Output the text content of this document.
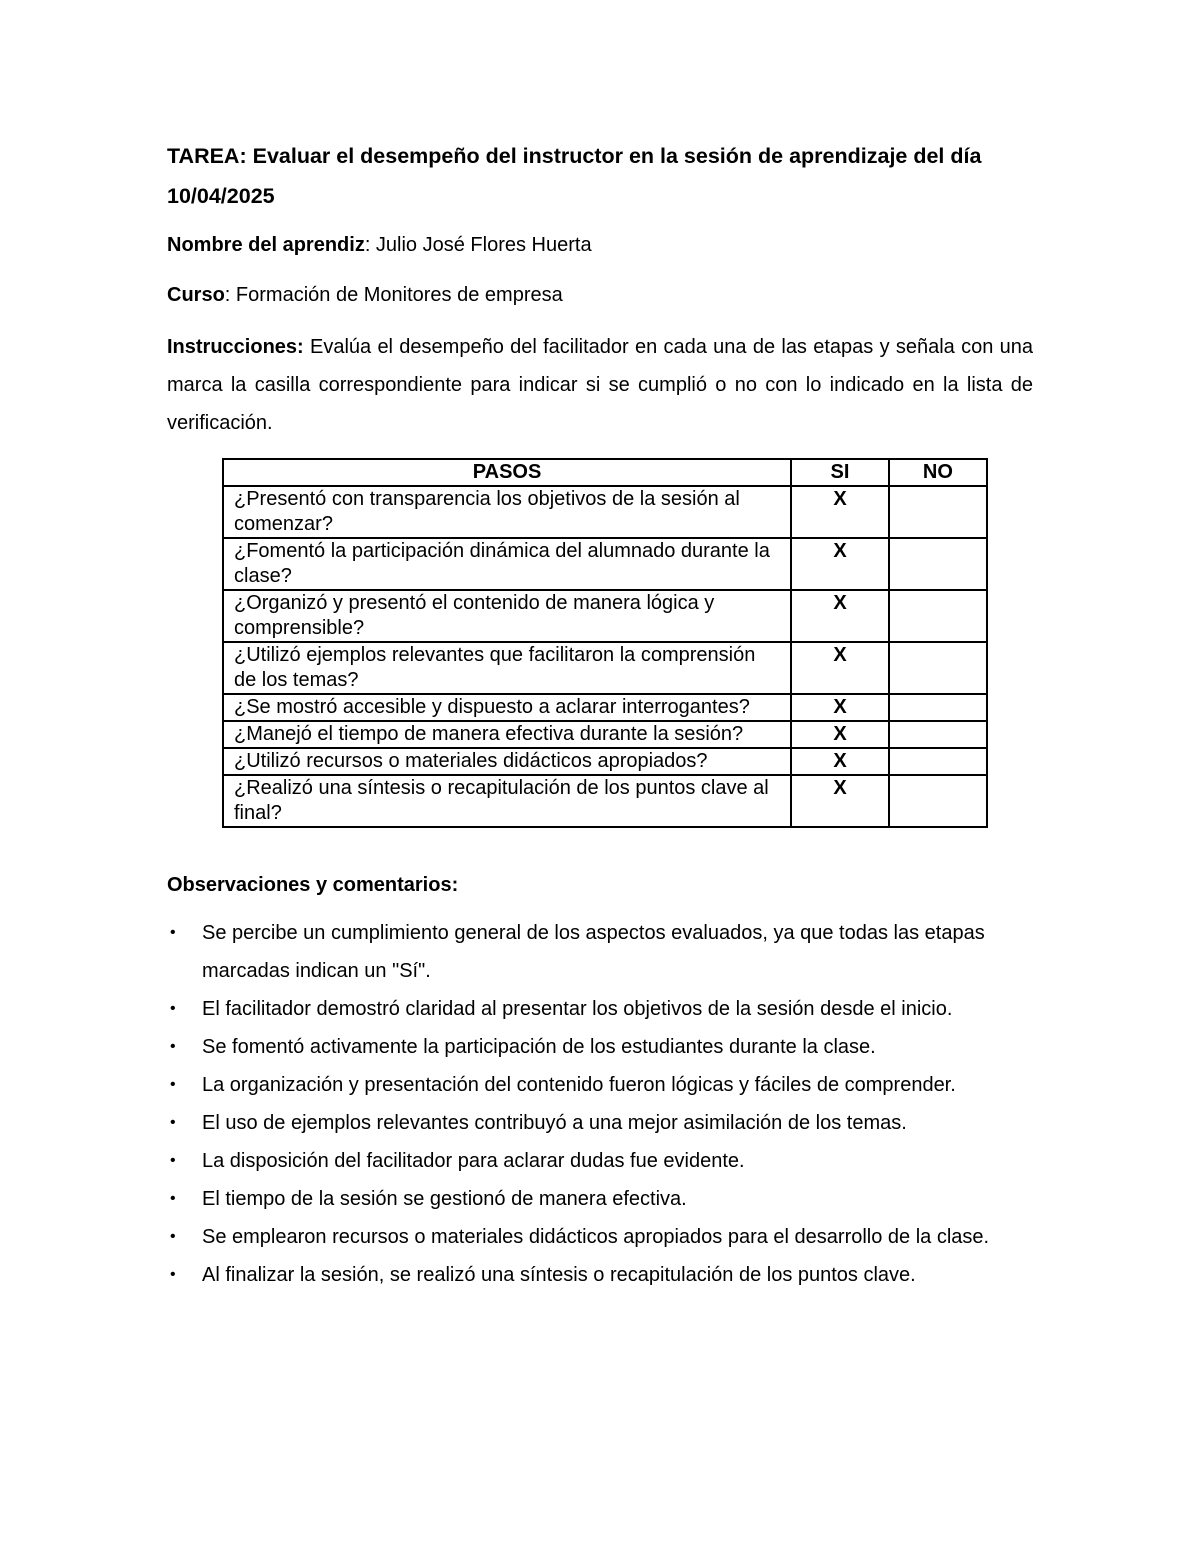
TAREA: Evaluar el desempeño del instructor en la sesión de aprendizaje del día 10/04/2025

Nombre del aprendiz: Julio José Flores Huerta

Curso: Formación de Monitores de empresa

Instrucciones: Evalúa el desempeño del facilitador en cada una de las etapas y señala con una marca la casilla correspondiente para indicar si se cumplió o no con lo indicado en la lista de verificación.

PASOS	SI	NO
¿Presentó con transparencia los objetivos de la sesión al comenzar?	X	
¿Fomentó la participación dinámica del alumnado durante la clase?	X	
¿Organizó y presentó el contenido de manera lógica y comprensible?	X	
¿Utilizó ejemplos relevantes que facilitaron la comprensión de los temas?	X	
¿Se mostró accesible y dispuesto a aclarar interrogantes?	X	
¿Manejó el tiempo de manera efectiva durante la sesión?	X	
¿Utilizó recursos o materiales didácticos apropiados?	X	
¿Realizó una síntesis o recapitulación de los puntos clave al final?	X	

Observaciones y comentarios:

• Se percibe un cumplimiento general de los aspectos evaluados, ya que todas las etapas marcadas indican un "Sí".
• El facilitador demostró claridad al presentar los objetivos de la sesión desde el inicio.
• Se fomentó activamente la participación de los estudiantes durante la clase.
• La organización y presentación del contenido fueron lógicas y fáciles de comprender.
• El uso de ejemplos relevantes contribuyó a una mejor asimilación de los temas.
• La disposición del facilitador para aclarar dudas fue evidente.
• El tiempo de la sesión se gestionó de manera efectiva.
• Se emplearon recursos o materiales didácticos apropiados para el desarrollo de la clase.
• Al finalizar la sesión, se realizó una síntesis o recapitulación de los puntos clave.
